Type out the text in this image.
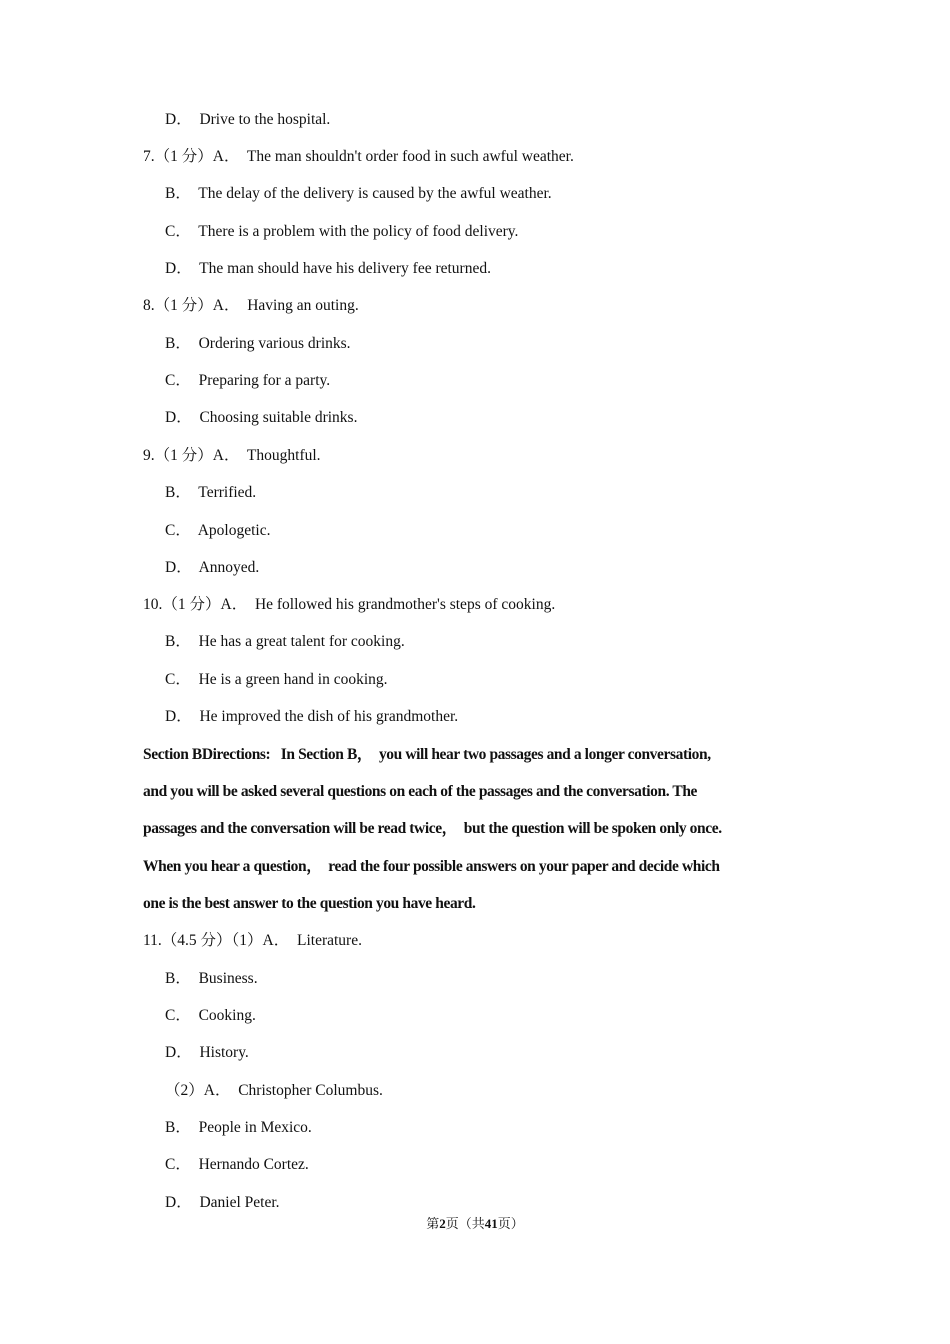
D．  Drive to the hospital.
7.（1 分）A．  The man shouldn't order food in such awful weather.
B．  The delay of the delivery is caused by the awful weather.
C．  There is a problem with the policy of food delivery.
D．  The man should have his delivery fee returned.
8.（1 分）A．  Having an outing.
B．  Ordering various drinks.
C．  Preparing for a party.
D．  Choosing suitable drinks.
9.（1 分）A．  Thoughtful.
B．  Terrified.
C．  Apologetic.
D．  Annoyed.
10.（1 分）A．  He followed his grandmother's steps of cooking.
B．  He has a great talent for cooking.
C．  He is a green hand in cooking.
D．  He improved the dish of his grandmother.
Section BDirections:   In Section B，  you will hear two passages and a longer conversation,
and you will be asked several questions on each of the passages and the conversation. The
passages and the conversation will be read twice，  but the question will be spoken only once.
When you hear a question，  read the four possible answers on your paper and decide which
one is the best answer to the question you have heard.
11.（4.5 分）（1）A．  Literature.
B．  Business.
C．  Cooking.
D．  History.
（2）A．  Christopher Columbus.
B．  People in Mexico.
C．  Hernando Cortez.
D．  Daniel Peter.
第2页（共41页）
